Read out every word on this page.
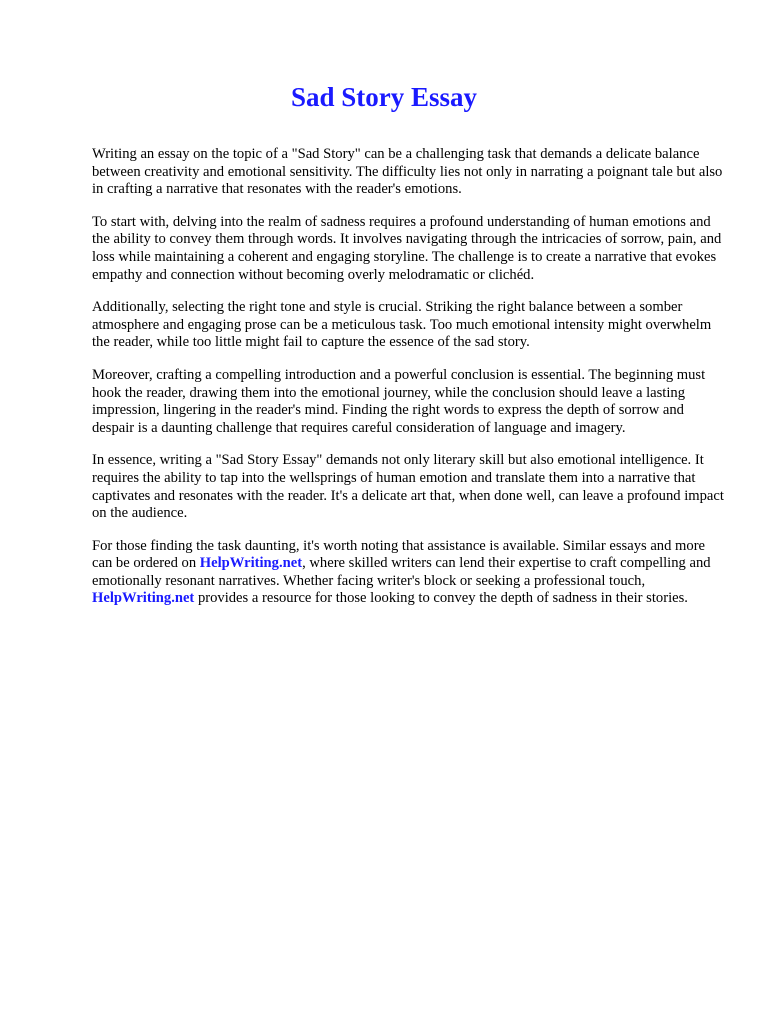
Sad Story Essay

Writing an essay on the topic of a "Sad Story" can be a challenging task that demands a delicate balance between creativity and emotional sensitivity. The difficulty lies not only in narrating a poignant tale but also in crafting a narrative that resonates with the reader's emotions.

To start with, delving into the realm of sadness requires a profound understanding of human emotions and the ability to convey them through words. It involves navigating through the intricacies of sorrow, pain, and loss while maintaining a coherent and engaging storyline. The challenge is to create a narrative that evokes empathy and connection without becoming overly melodramatic or clichéd.

Additionally, selecting the right tone and style is crucial. Striking the right balance between a somber atmosphere and engaging prose can be a meticulous task. Too much emotional intensity might overwhelm the reader, while too little might fail to capture the essence of the sad story.

Moreover, crafting a compelling introduction and a powerful conclusion is essential. The beginning must hook the reader, drawing them into the emotional journey, while the conclusion should leave a lasting impression, lingering in the reader's mind. Finding the right words to express the depth of sorrow and despair is a daunting challenge that requires careful consideration of language and imagery.

In essence, writing a "Sad Story Essay" demands not only literary skill but also emotional intelligence. It requires the ability to tap into the wellsprings of human emotion and translate them into a narrative that captivates and resonates with the reader. It's a delicate art that, when done well, can leave a profound impact on the audience.

For those finding the task daunting, it's worth noting that assistance is available. Similar essays and more can be ordered on HelpWriting.net, where skilled writers can lend their expertise to craft compelling and emotionally resonant narratives. Whether facing writer's block or seeking a professional touch, HelpWriting.net provides a resource for those looking to convey the depth of sadness in their stories.
